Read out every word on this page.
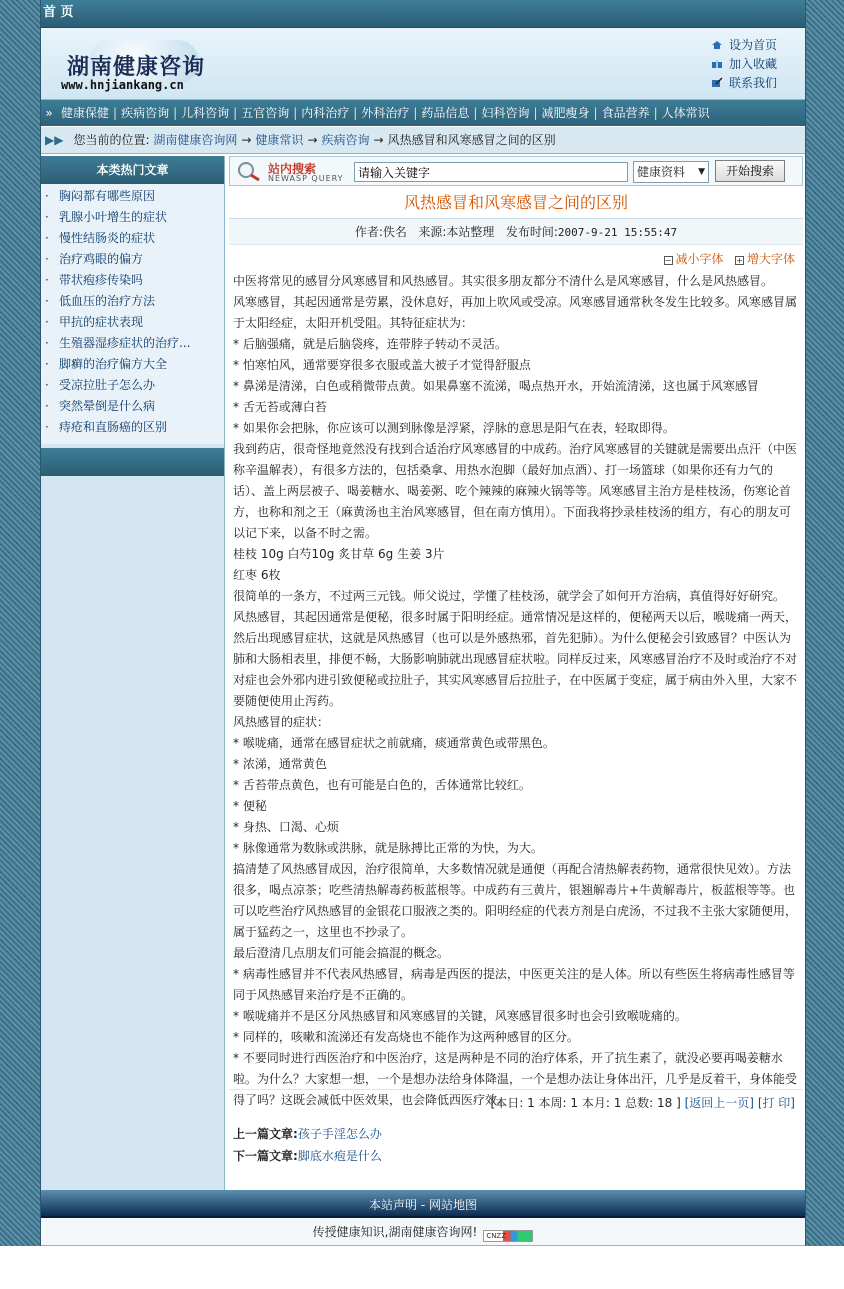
首 页
湖南健康咨询
www.hnjiankang.cn
设为首页
加入收藏
联系我们
» 健康保健 | 疾病咨询 | 儿科咨询 | 五官咨询 | 内科治疗 | 外科治疗 | 药品信息 | 妇科咨询 | 减肥瘦身 | 食品营养 | 人体常识
▶▶ 您当前的位置: 湖南健康咨询网 → 健康常识 → 疾病咨询 → 风热感冒和风寒感冒之间的区别
本类热门文章
· 胸闷都有哪些原因
· 乳腺小叶增生的症状
· 慢性结肠炎的症状
· 治疗鸡眼的偏方
· 带状疱疹传染吗
· 低血压的治疗方法
· 甲抗的症状表现
· 生殖器湿疹症状的治疗...
· 脚癣的治疗偏方大全
· 受凉拉肚子怎么办
· 突然晕倒是什么病
· 痔疮和直肠癌的区别
站内搜索
NEWASP QUERY
请输入关键字	健康资料 ▼	开始搜索
风热感冒和风寒感冒之间的区别
作者:佚名 来源:本站整理 发布时间:2007-9-21 15:55:47
− 减小字体 + 增大字体

中医将常见的感冒分风寒感冒和风热感冒。其实很多朋友都分不清什么是风寒感冒，什么是风热感冒。

风寒感冒，其起因通常是劳累，没休息好，再加上吹风或受凉。风寒感冒通常秋冬发生比较多。风寒感冒属于太阳经症，太阳开机受阻。其特征症状为：

* 后脑强痛，就是后脑袋疼，连带脖子转动不灵活。

* 怕寒怕风，通常要穿很多衣服或盖大被子才觉得舒服点

* 鼻涕是清涕，白色或稍微带点黄。如果鼻塞不流涕，喝点热开水，开始流清涕，这也属于风寒感冒

* 舌无苔或薄白苔

* 如果你会把脉，你应该可以测到脉像是浮紧，浮脉的意思是阳气在表，轻取即得。

我到药店，很奇怪地竟然没有找到合适治疗风寒感冒的中成药。治疗风寒感冒的关键就是需要出点汗（中医称辛温解表），有很多方法的，包括桑拿、用热水泡脚（最好加点酒）、打一场篮球（如果你还有力气的话）、盖上两层被子、喝姜糖水、喝姜粥、吃个辣辣的麻辣火锅等等。风寒感冒主治方是桂枝汤，伤寒论首方，也称和剂之王（麻黄汤也主治风寒感冒，但在南方慎用）。下面我将抄录桂枝汤的组方，有心的朋友可以记下来，以备不时之需。

桂枝 10g 白芍10g 炙甘草 6g 生姜 3片

红枣 6枚

很简单的一条方，不过两三元钱。师父说过，学懂了桂枝汤，就学会了如何开方治病，真值得好好研究。

风热感冒，其起因通常是便秘，很多时属于阳明经症。通常情况是这样的，便秘两天以后，喉咙痛一两天，然后出现感冒症状，这就是风热感冒（也可以是外感热邪，首先犯肺）。为什么便秘会引致感冒？中医认为肺和大肠相表里，排便不畅，大肠影响肺就出现感冒症状啦。同样反过来，风寒感冒治疗不及时或治疗不对对症也会外邪内进引致便秘或拉肚子，其实风寒感冒后拉肚子，在中医属于变症，属于病由外入里，大家不要随便使用止泻药。

风热感冒的症状：

* 喉咙痛，通常在感冒症状之前就痛，痰通常黄色或带黑色。

* 浓涕，通常黄色

* 舌苔带点黄色，也有可能是白色的，舌体通常比较红。

* 便秘

* 身热、口渴、心烦

* 脉像通常为数脉或洪脉，就是脉搏比正常的为快，为大。

搞清楚了风热感冒成因，治疗很简单，大多数情况就是通便（再配合清热解表药物，通常很快见效）。方法很多，喝点凉茶；吃些清热解毒药板蓝根等。中成药有三黄片，银翘解毒片+牛黄解毒片，板蓝根等等。也可以吃些治疗风热感冒的金银花口服液之类的。阳明经症的代表方剂是白虎汤，不过我不主张大家随便用，属于猛药之一，这里也不抄录了。

最后澄清几点朋友们可能会搞混的概念。

* 病毒性感冒并不代表风热感冒，病毒是西医的提法，中医更关注的是人体。所以有些医生将病毒性感冒等同于风热感冒来治疗是不正确的。

* 喉咙痛并不是区分风热感冒和风寒感冒的关键，风寒感冒很多时也会引致喉咙痛的。

* 同样的，咳嗽和流涕还有发高烧也不能作为这两种感冒的区分。

* 不要同时进行西医治疗和中医治疗，这是两种是不同的治疗体系，开了抗生素了，就没必要再喝姜糖水啦。为什么？大家想一想，一个是想办法给身体降温，一个是想办法让身体出汗，几乎是反着干，身体能受得了吗？这既会减低中医效果，也会降低西医疗效。

[本日: 1 本周: 1 本月: 1 总数: 18 ] [返回上一页] [打 印]
上一篇文章:孩子手淫怎么办
下一篇文章:脚底水疱是什么
本站声明 - 网站地图
传授健康知识,湖南健康咨询网! CNZZ
